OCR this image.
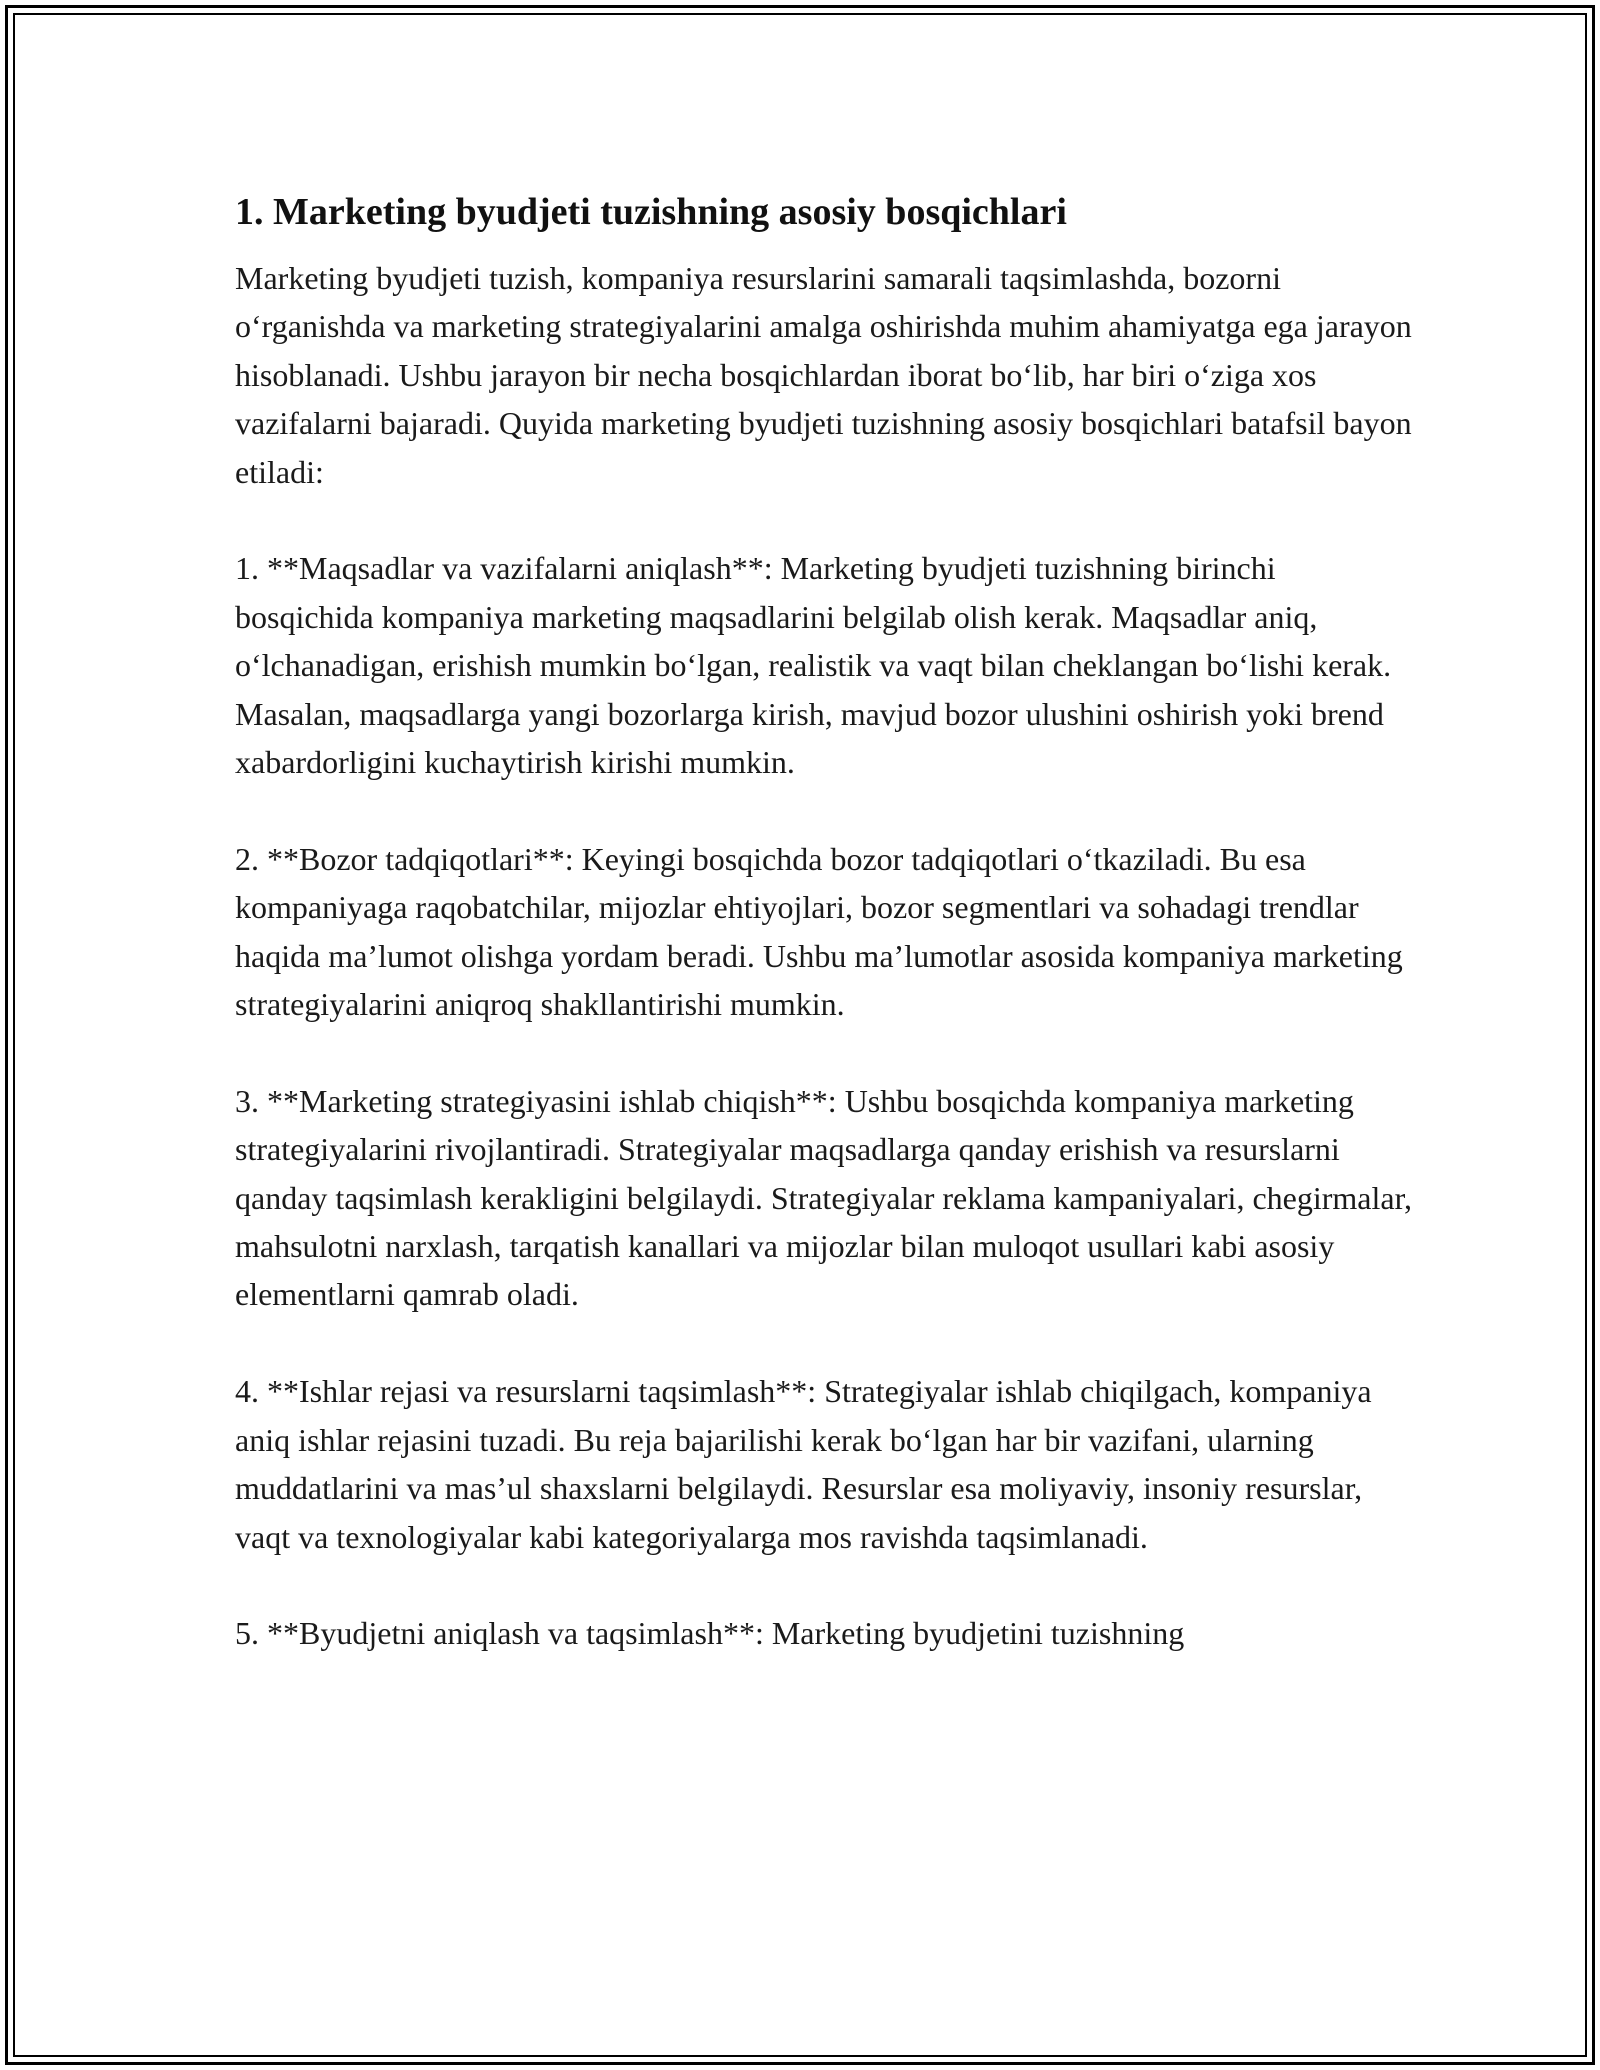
1. Marketing byudjeti tuzishning asosiy bosqichlari

Marketing byudjeti tuzish, kompaniya resurslarini samarali taqsimlashda, bozorni o‘rganishda va marketing strategiyalarini amalga oshirishda muhim ahamiyatga ega jarayon hisoblanadi. Ushbu jarayon bir necha bosqichlardan iborat bo‘lib, har biri o‘ziga xos vazifalarni bajaradi. Quyida marketing byudjeti tuzishning asosiy bosqichlari batafsil bayon etiladi:

1. **Maqsadlar va vazifalarni aniqlash**: Marketing byudjeti tuzishning birinchi bosqichida kompaniya marketing maqsadlarini belgilab olish kerak. Maqsadlar aniq, o‘lchanadigan, erishish mumkin bo‘lgan, realistik va vaqt bilan cheklangan bo‘lishi kerak. Masalan, maqsadlarga yangi bozorlarga kirish, mavjud bozor ulushini oshirish yoki brend xabardorligini kuchaytirish kirishi mumkin.

2. **Bozor tadqiqotlari**: Keyingi bosqichda bozor tadqiqotlari o‘tkaziladi. Bu esa kompaniyaga raqobatchilar, mijozlar ehtiyojlari, bozor segmentlari va sohadagi trendlar haqida ma’lumot olishga yordam beradi. Ushbu ma’lumotlar asosida kompaniya marketing strategiyalarini aniqroq shakllantirishi mumkin.

3. **Marketing strategiyasini ishlab chiqish**: Ushbu bosqichda kompaniya marketing strategiyalarini rivojlantiradi. Strategiyalar maqsadlarga qanday erishish va resurslarni qanday taqsimlash kerakligini belgilaydi. Strategiyalar reklama kampaniyalari, chegirmalar, mahsulotni narxlash, tarqatish kanallari va mijozlar bilan muloqot usullari kabi asosiy elementlarni qamrab oladi.

4. **Ishlar rejasi va resurslarni taqsimlash**: Strategiyalar ishlab chiqilgach, kompaniya aniq ishlar rejasini tuzadi. Bu reja bajarilishi kerak bo‘lgan har bir vazifani, ularning muddatlarini va mas’ul shaxslarni belgilaydi. Resurslar esa moliyaviy, insoniy resurslar, vaqt va texnologiyalar kabi kategoriyalarga mos ravishda taqsimlanadi.

5. **Byudjetni aniqlash va taqsimlash**: Marketing byudjetini tuzishning
